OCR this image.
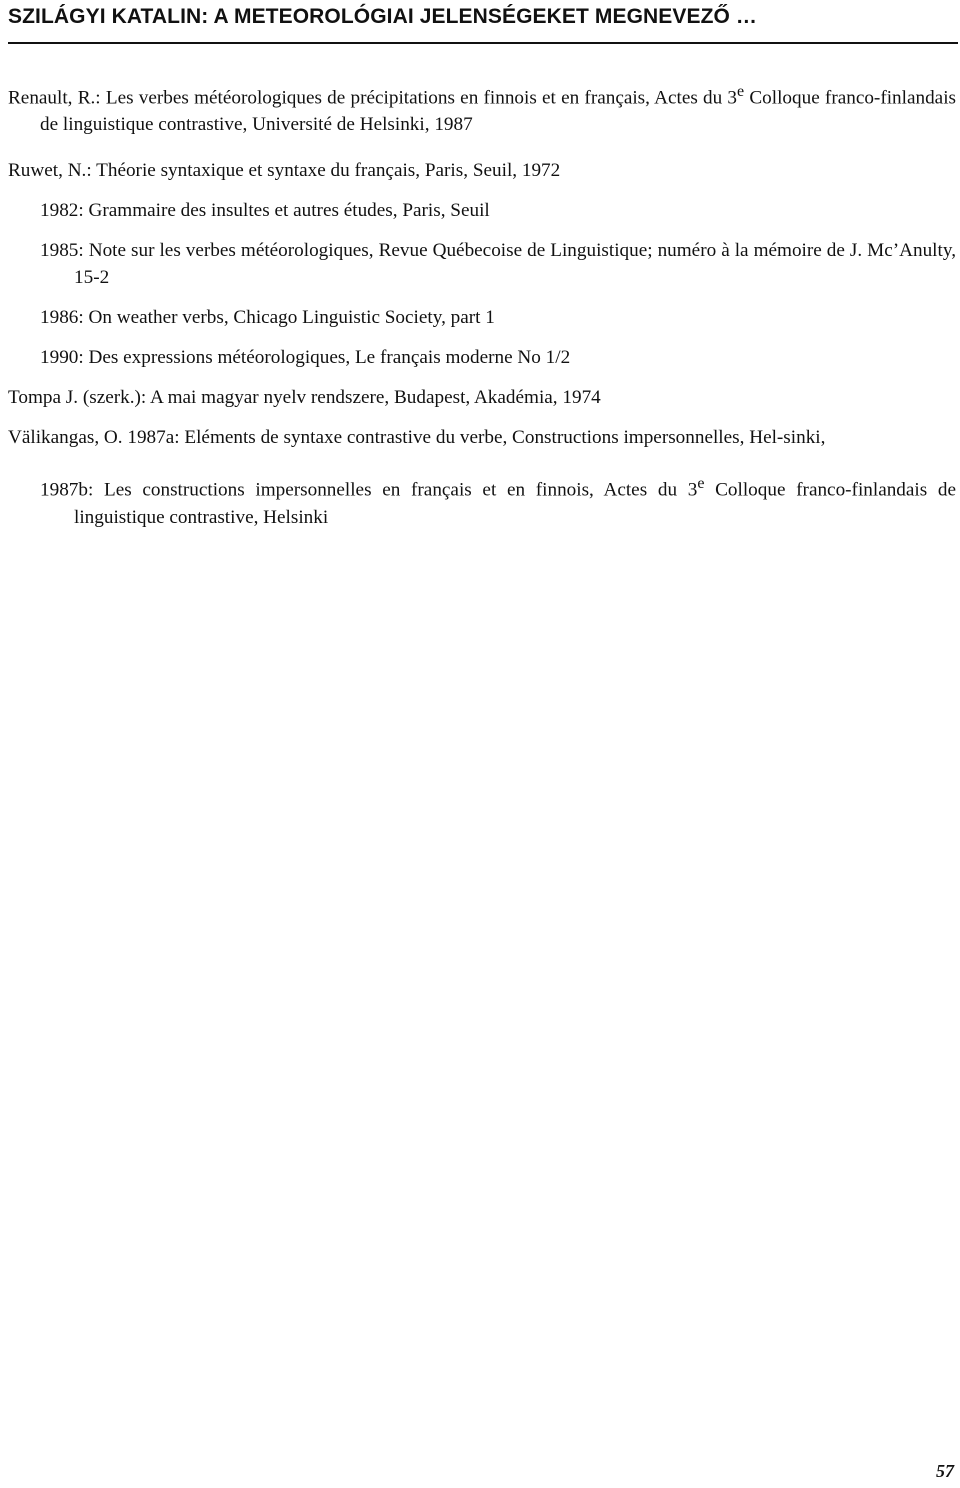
SZILÁGYI KATALIN: A METEOROLÓGIAI JELENSÉGEKET MEGNEVEZŐ …

Renault, R.: Les verbes météorologiques de précipitations en finnois et en français, Actes du 3e Colloque franco-finlandais de linguistique contrastive, Université de Helsinki, 1987

Ruwet, N.: Théorie syntaxique et syntaxe du français, Paris, Seuil, 1972

1982: Grammaire des insultes et autres études, Paris, Seuil

1985: Note sur les verbes météorologiques, Revue Québecoise de Linguistique; numéro à la mémoire de J. Mc’Anulty, 15-2

1986: On weather verbs, Chicago Linguistic Society, part 1

1990: Des expressions météorologiques, Le français moderne No 1/2

Tompa J. (szerk.): A mai magyar nyelv rendszere, Budapest, Akadémia, 1974

Välikangas, O. 1987a: Eléments de syntaxe contrastive du verbe, Constructions impersonnelles, Hel-sinki,

1987b: Les constructions impersonnelles en français et en finnois, Actes du 3e Colloque franco-finlandais de linguistique contrastive, Helsinki

57
